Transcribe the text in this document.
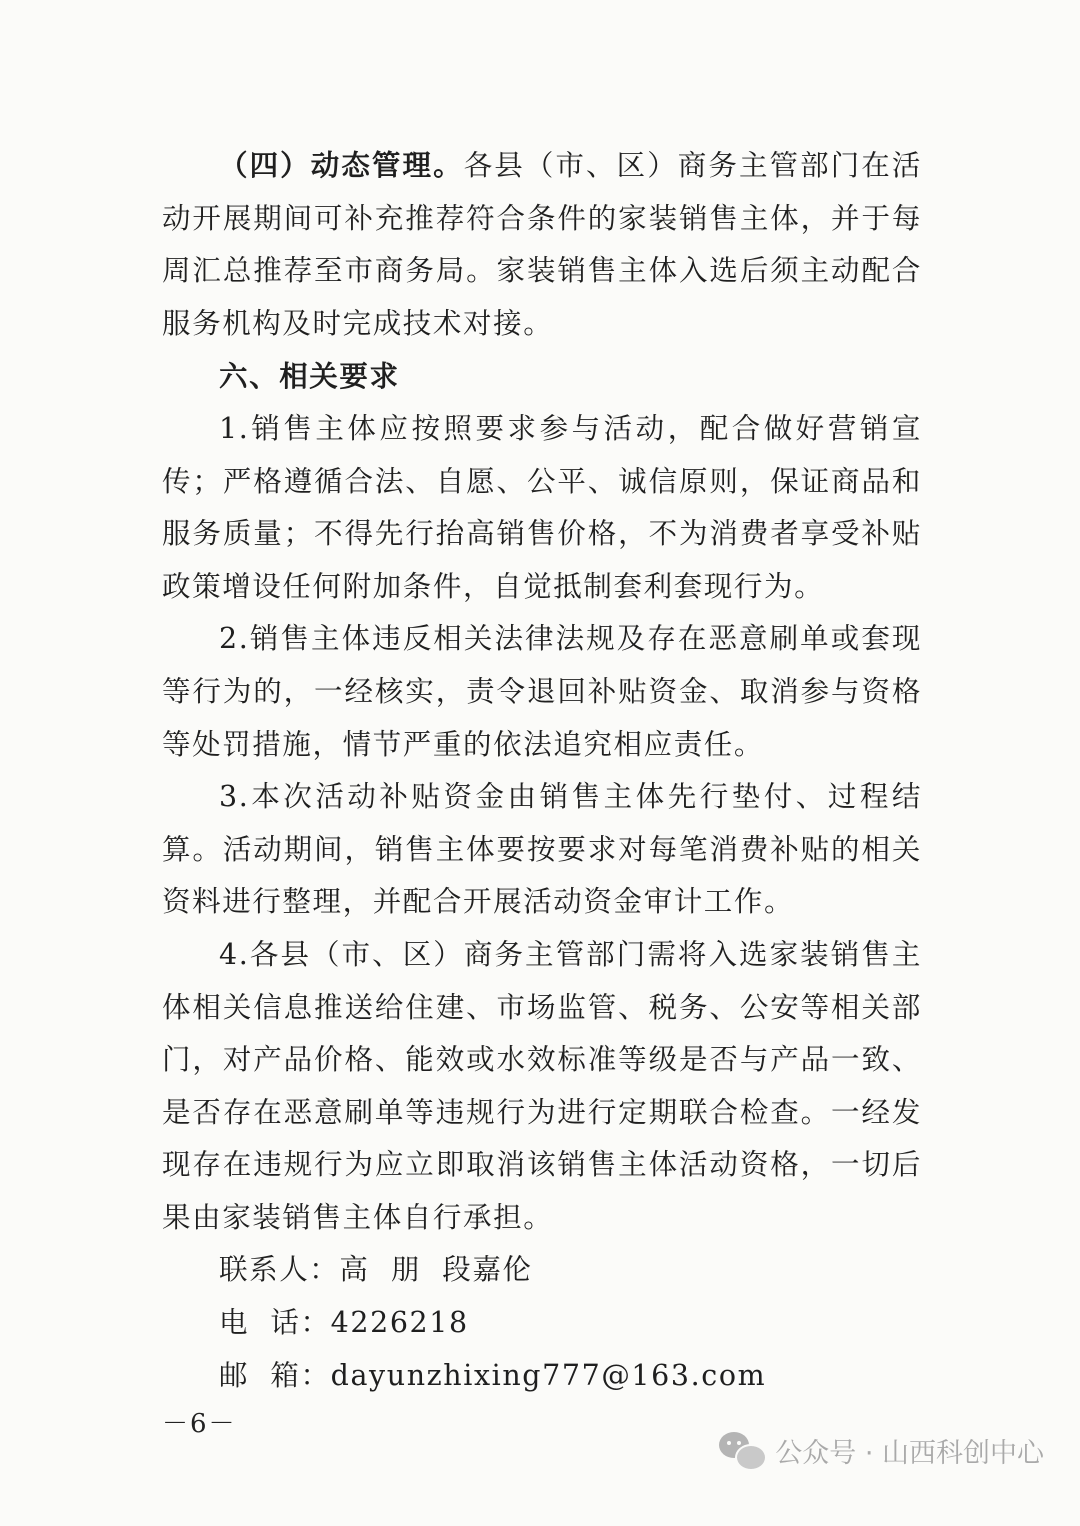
（四）动态管理。各县（市、区）商务主管部门在活动开展期间可补充推荐符合条件的家装销售主体，并于每周汇总推荐至市商务局。家装销售主体入选后须主动配合服务机构及时完成技术对接。

六、相关要求

1.销售主体应按照要求参与活动，配合做好营销宣传；严格遵循合法、自愿、公平、诚信原则，保证商品和服务质量；不得先行抬高销售价格，不为消费者享受补贴政策增设任何附加条件，自觉抵制套利套现行为。

2.销售主体违反相关法律法规及存在恶意刷单或套现等行为的，一经核实，责令退回补贴资金、取消参与资格等处罚措施，情节严重的依法追究相应责任。

3.本次活动补贴资金由销售主体先行垫付、过程结算。活动期间，销售主体要按要求对每笔消费补贴的相关资料进行整理，并配合开展活动资金审计工作。

4.各县（市、区）商务主管部门需将入选家装销售主体相关信息推送给住建、市场监管、税务、公安等相关部门，对产品价格、能效或水效标准等级是否与产品一致、是否存在恶意刷单等违规行为进行定期联合检查。一经发现存在违规行为应立即取消该销售主体活动资格，一切后果由家装销售主体自行承担。

联系人：高  朋  段嘉伦

电  话：4226218

邮  箱：dayunzhixing777@163.com

－6－
公众号 · 山西科创中心
